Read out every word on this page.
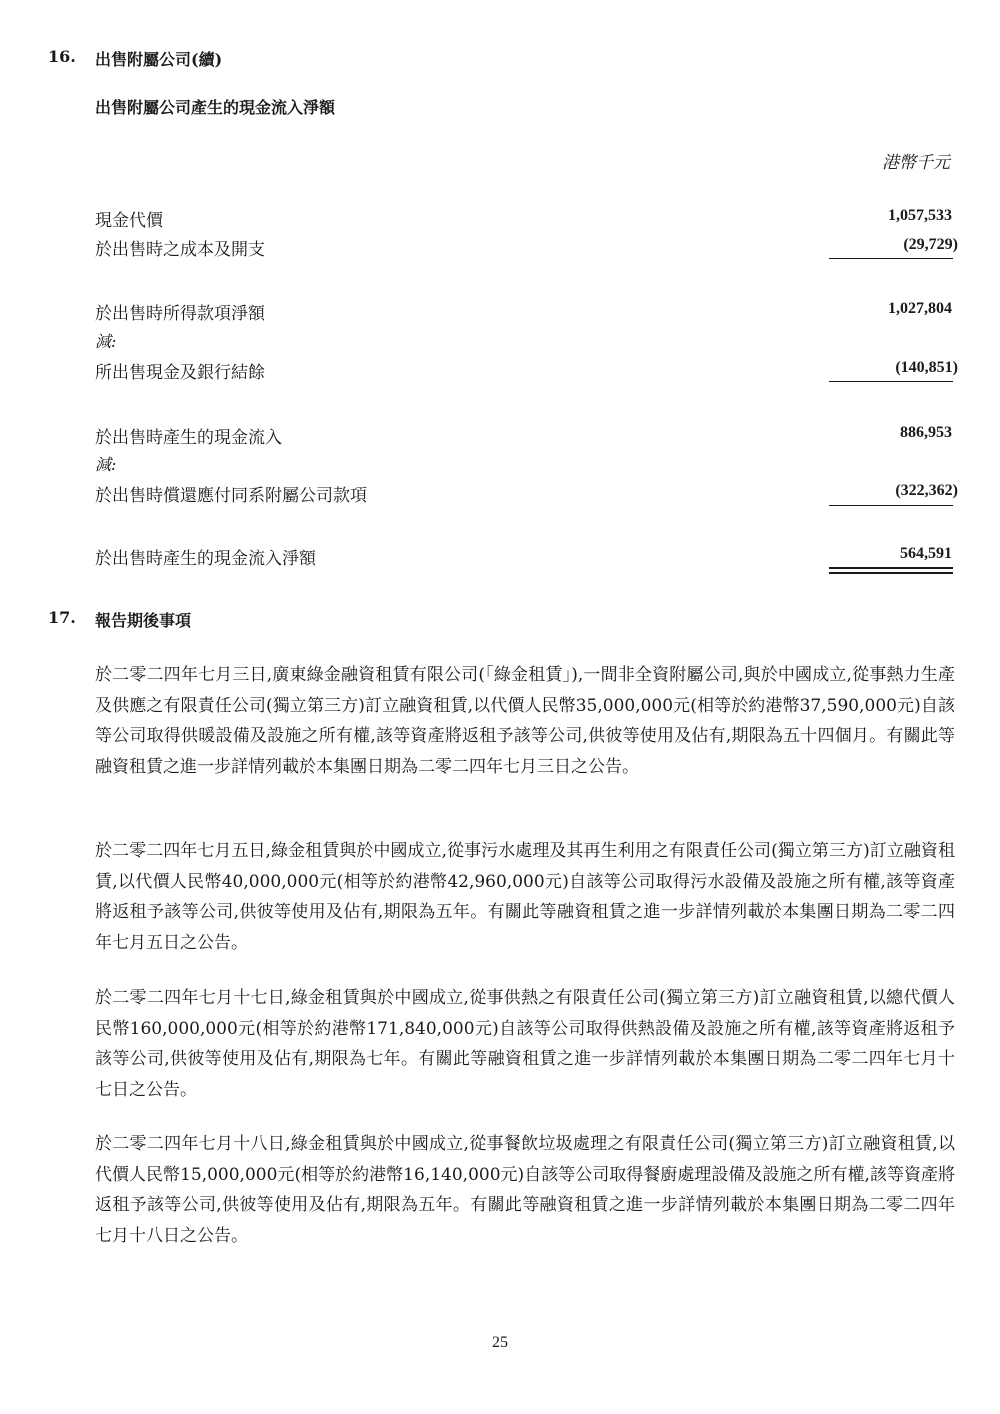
16. 出售附屬公司(續)
出售附屬公司產生的現金流入淨額
港幣千元
現金代價	1,057,533
於出售時之成本及開支	(29,729)
於出售時所得款項淨額	1,027,804
減:
所出售現金及銀行結餘	(140,851)
於出售時產生的現金流入	886,953
減:
於出售時償還應付同系附屬公司款項	(322,362)
於出售時產生的現金流入淨額	564,591
17. 報告期後事項

於二零二四年七月三日,廣東綠金融資租賃有限公司(「綠金租賃」),一間非全資附屬公司,與於中國成立,從事熱力生產及供應之有限責任公司(獨立第三方)訂立融資租賃,以代價人民幣35,000,000元(相等於約港幣37,590,000元)自該等公司取得供暖設備及設施之所有權,該等資產將返租予該等公司,供彼等使用及佔有,期限為五十四個月。有關此等融資租賃之進一步詳情列載於本集團日期為二零二四年七月三日之公告。

於二零二四年七月五日,綠金租賃與於中國成立,從事污水處理及其再生利用之有限責任公司(獨立第三方)訂立融資租賃,以代價人民幣40,000,000元(相等於約港幣42,960,000元)自該等公司取得污水設備及設施之所有權,該等資產將返租予該等公司,供彼等使用及佔有,期限為五年。有關此等融資租賃之進一步詳情列載於本集團日期為二零二四年七月五日之公告。

於二零二四年七月十七日,綠金租賃與於中國成立,從事供熱之有限責任公司(獨立第三方)訂立融資租賃,以總代價人民幣160,000,000元(相等於約港幣171,840,000元)自該等公司取得供熱設備及設施之所有權,該等資產將返租予該等公司,供彼等使用及佔有,期限為七年。有關此等融資租賃之進一步詳情列載於本集團日期為二零二四年七月十七日之公告。

於二零二四年七月十八日,綠金租賃與於中國成立,從事餐飲垃圾處理之有限責任公司(獨立第三方)訂立融資租賃,以代價人民幣15,000,000元(相等於約港幣16,140,000元)自該等公司取得餐廚處理設備及設施之所有權,該等資產將返租予該等公司,供彼等使用及佔有,期限為五年。有關此等融資租賃之進一步詳情列載於本集團日期為二零二四年七月十八日之公告。

25
